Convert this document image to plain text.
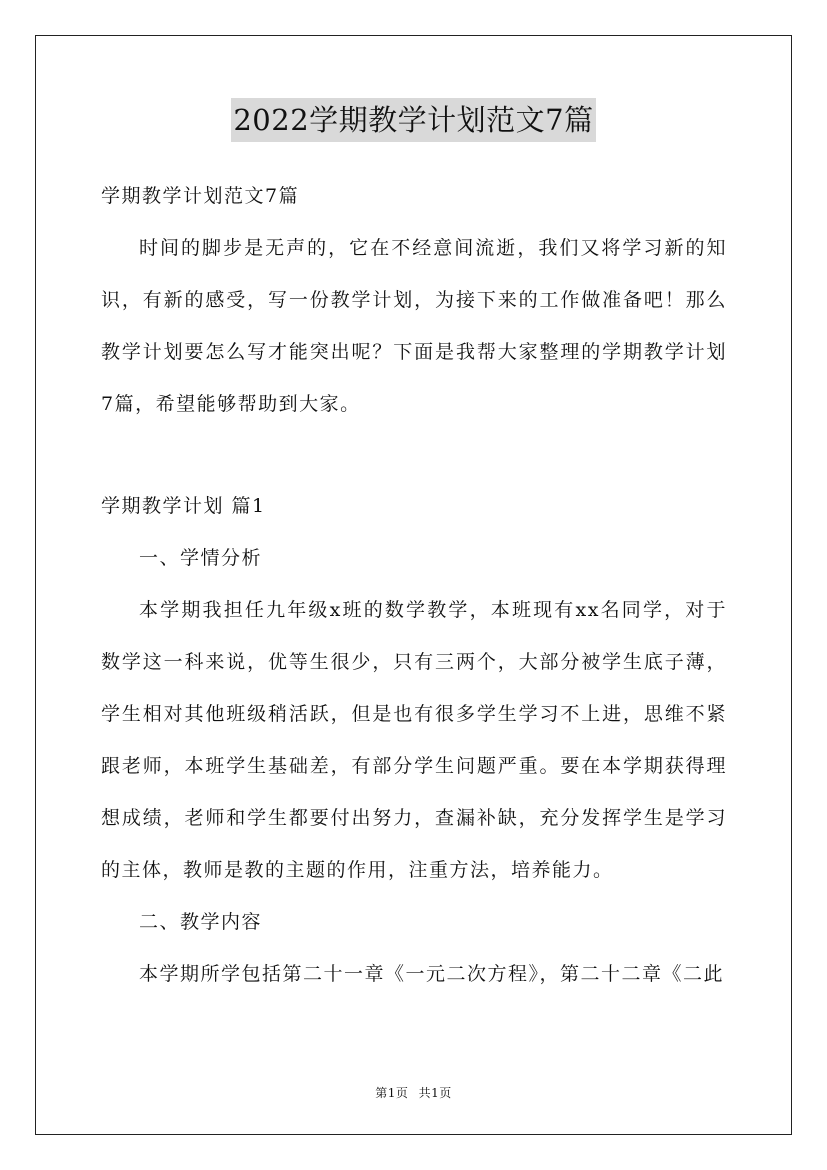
2022学期教学计划范文7篇

学期教学计划范文7篇

时间的脚步是无声的，它在不经意间流逝，我们又将学习新的知识，有新的感受，写一份教学计划，为接下来的工作做准备吧！那么教学计划要怎么写才能突出呢？下面是我帮大家整理的学期教学计划7篇，希望能够帮助到大家。

学期教学计划 篇1

一、学情分析

本学期我担任九年级x班的数学教学，本班现有xx名同学，对于数学这一科来说，优等生很少，只有三两个，大部分被学生底子薄，学生相对其他班级稍活跃，但是也有很多学生学习不上进，思维不紧跟老师，本班学生基础差，有部分学生问题严重。要在本学期获得理想成绩，老师和学生都要付出努力，查漏补缺，充分发挥学生是学习的主体，教师是教的主题的作用，注重方法，培养能力。

二、教学内容

本学期所学包括第二十一章《一元二次方程》，第二十二章《二此

第1页 共1页
